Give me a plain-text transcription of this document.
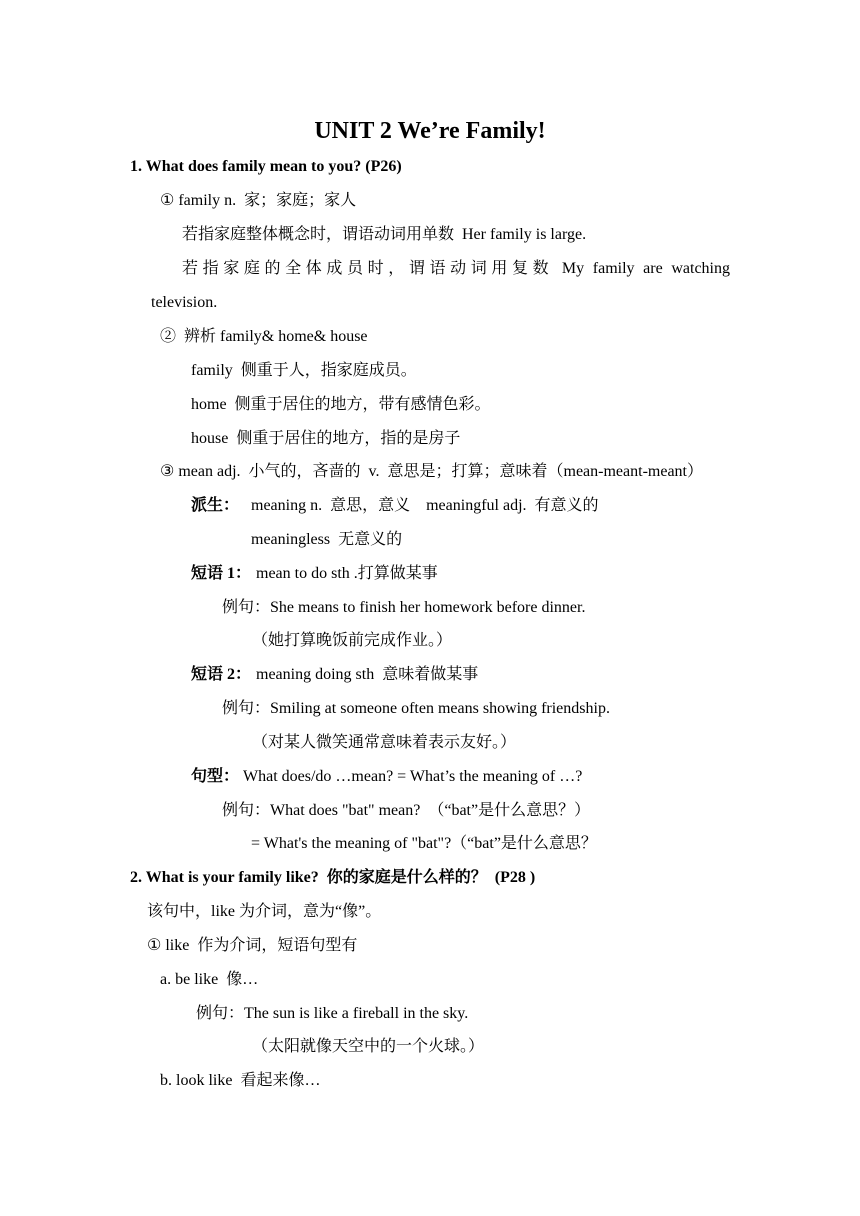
UNIT 2 We’re Family!
1. What does family mean to you? (P26)
① family n.  家；家庭；家人
若指家庭整体概念时，谓语动词用单数  Her family is large.
若指家庭的全体成员时，谓语动词用复数 My family are watching
television.
②  辨析 family& home& house
family  侧重于人，指家庭成员。
home  侧重于居住的地方，带有感情色彩。
house  侧重于居住的地方，指的是房子
③ mean adj.  小气的，吝啬的  v.  意思是；打算；意味着（mean-meant-meant）
派生： meaning n.  意思，意义    meaningful adj.  有意义的
meaningless  无意义的
短语 1： mean to do sth .打算做某事
例句：She means to finish her homework before dinner.
（她打算晚饭前完成作业。）
短语 2： meaning doing sth  意味着做某事
例句：Smiling at someone often means showing friendship.
（对某人微笑通常意味着表示友好。）
句型： What does/do …mean? = What’s the meaning of …?
例句：What does "bat" mean?  （“bat”是什么意思？）
= What's the meaning of "bat"?（“bat”是什么意思？
2. What is your family like?  你的家庭是什么样的？  (P28 )
该句中，like 为介词，意为“像”。
① like  作为介词，短语句型有
a. be like  像…
例句：The sun is like a fireball in the sky.
（太阳就像天空中的一个火球。）
b. look like  看起来像…
